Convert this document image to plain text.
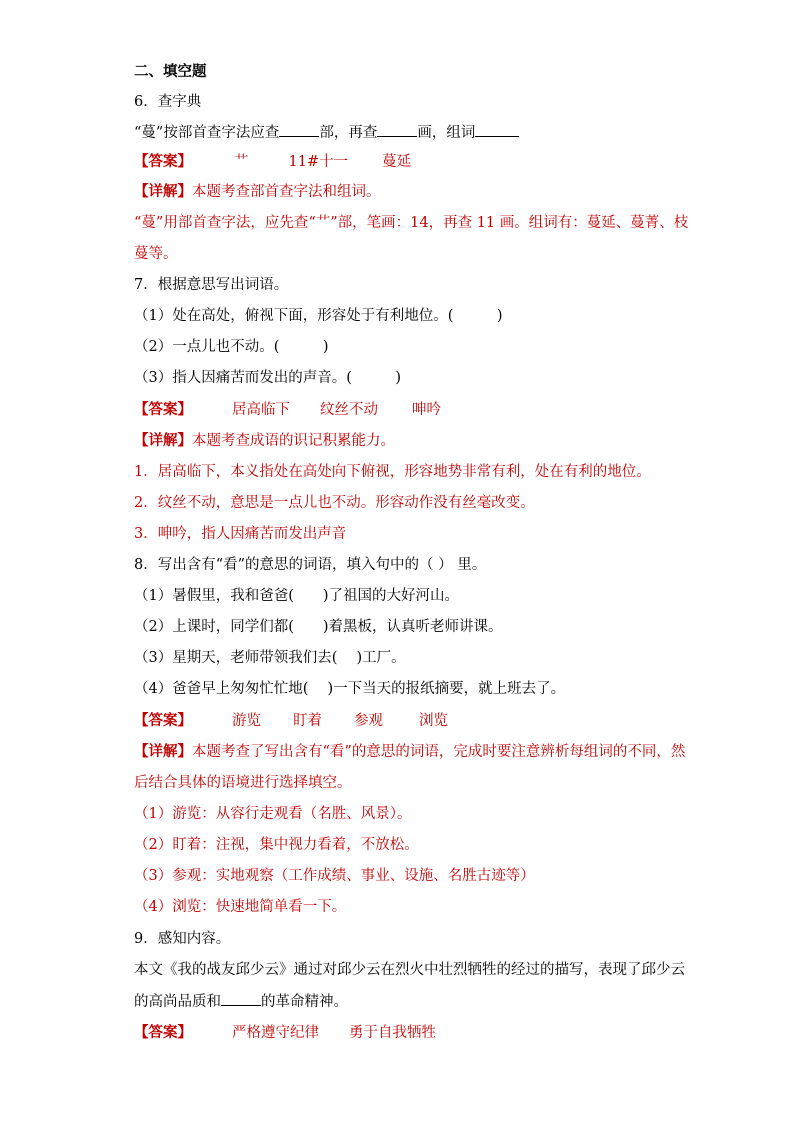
二、填空题
6．查字典
“蔓”按部首查字法应查	部，再查	画，组词
【答案】	艹	11#十一 蔓延
【详解】本题考查部首查字法和组词。
“蔓”用部首查字法，应先查“艹”部，笔画：14，再查 11 画。组词有：蔓延、蔓菁、枝
蔓等。
7．根据意思写出词语。
（1）处在高处，俯视下面，形容处于有利地位。(　　　)
（2）一点儿也不动。(　　　)
（3）指人因痛苦而发出的声音。(　　　)
【答案】	居高临下 纹丝不动 呻吟
【详解】本题考查成语的识记积累能力。
1．居高临下，本义指处在高处向下俯视，形容地势非常有利，处在有利的地位。
2．纹丝不动，意思是一点儿也不动。形容动作没有丝毫改变。
3．呻吟，指人因痛苦而发出声音
8．写出含有“看”的意思的词语，填入句中的（ ） 里。
（1）暑假里，我和爸爸(　　)了祖国的大好河山。
（2）上课时，同学们都(　　)着黑板，认真听老师讲课。
（3）星期天，老师带领我们去(　 )工厂。
（4）爸爸早上匆匆忙忙地(　 )一下当天的报纸摘要，就上班去了。
【答案】	游览 盯着 参观 浏览
【详解】本题考查了写出含有“看”的意思的词语，完成时要注意辨析每组词的不同，然
后结合具体的语境进行选择填空。
（1）游览：从容行走观看（名胜、风景）。
（2）盯着：注视，集中视力看着，不放松。
（3）参观：实地观察（工作成绩、事业、设施、名胜古迹等）
（4）浏览：快速地简单看一下。
9．感知内容。
本文《我的战友邱少云》通过对邱少云在烈火中壮烈牺牲的经过的描写，表现了邱少云
的高尚品质和	的革命精神。
【答案】	严格遵守纪律 勇于自我牺牲
